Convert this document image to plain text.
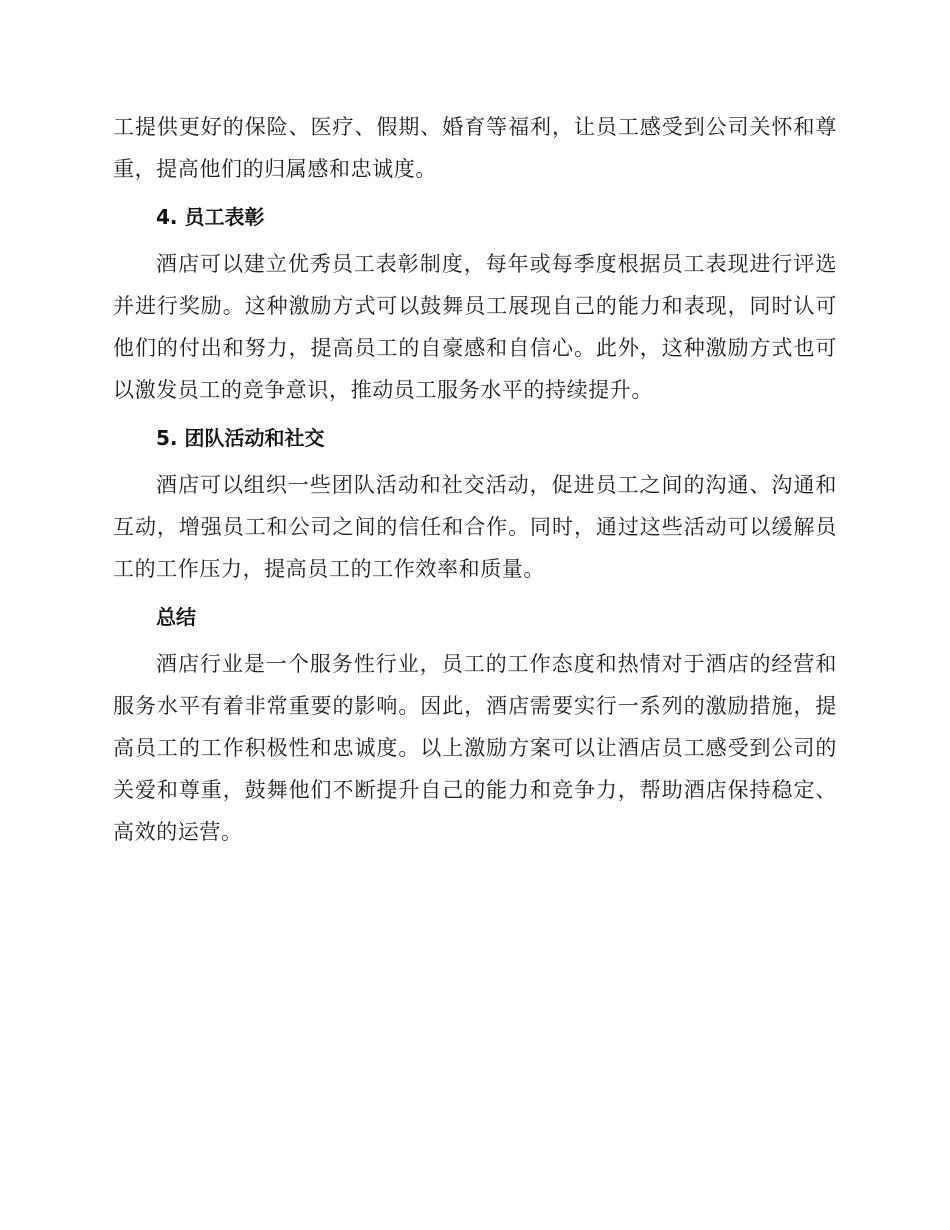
工提供更好的保险、医疗、假期、婚育等福利，让员工感受到公司关怀和尊重，提高他们的归属感和忠诚度。

4. 员工表彰

酒店可以建立优秀员工表彰制度，每年或每季度根据员工表现进行评选并进行奖励。这种激励方式可以鼓舞员工展现自己的能力和表现，同时认可他们的付出和努力，提高员工的自豪感和自信心。此外，这种激励方式也可以激发员工的竞争意识，推动员工服务水平的持续提升。

5. 团队活动和社交

酒店可以组织一些团队活动和社交活动，促进员工之间的沟通、沟通和互动，增强员工和公司之间的信任和合作。同时，通过这些活动可以缓解员工的工作压力，提高员工的工作效率和质量。

总结

酒店行业是一个服务性行业，员工的工作态度和热情对于酒店的经营和服务水平有着非常重要的影响。因此，酒店需要实行一系列的激励措施，提高员工的工作积极性和忠诚度。以上激励方案可以让酒店员工感受到公司的关爱和尊重，鼓舞他们不断提升自己的能力和竞争力，帮助酒店保持稳定、高效的运营。
